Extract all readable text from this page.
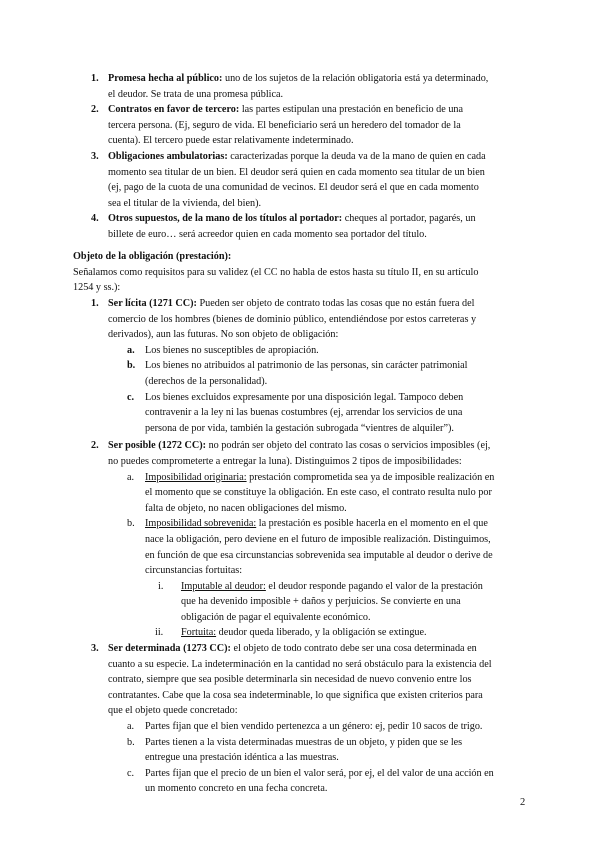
1. Promesa hecha al público: uno de los sujetos de la relación obligatoria está ya determinado,
el deudor. Se trata de una promesa pública.
2. Contratos en favor de tercero: las partes estipulan una prestación en beneficio de una
tercera persona. (Ej, seguro de vida. El beneficiario será un heredero del tomador de la
cuenta). El tercero puede estar relativamente indeterminado.
3. Obligaciones ambulatorias: caracterizadas porque la deuda va de la mano de quien en cada
momento sea titular de un bien. El deudor será quien en cada momento sea titular de un bien
(ej, pago de la cuota de una comunidad de vecinos. El deudor será el que en cada momento
sea el titular de la vivienda, del bien).
4. Otros supuestos, de la mano de los títulos al portador: cheques al portador, pagarés, un
billete de euro… será acreedor quien en cada momento sea portador del título.
Objeto de la obligación (prestación):
Señalamos como requisitos para su validez (el CC no habla de estos hasta su título II, en su artículo
1254 y ss.):
1. Ser lícita (1271 CC): Pueden ser objeto de contrato todas las cosas que no están fuera del
comercio de los hombres (bienes de dominio público, entendiéndose por estos carreteras y
derivados), aun las futuras. No son objeto de obligación:
a. Los bienes no susceptibles de apropiación.
b. Los bienes no atribuidos al patrimonio de las personas, sin carácter patrimonial
(derechos de la personalidad).
c. Los bienes excluidos expresamente por una disposición legal. Tampoco deben
contravenir a la ley ni las buenas costumbres (ej, arrendar los servicios de una
persona de por vida, también la gestación subrogada “vientres de alquiler”).
2. Ser posible (1272 CC): no podrán ser objeto del contrato las cosas o servicios imposibles (ej,
no puedes comprometerte a entregar la luna). Distinguimos 2 tipos de imposibilidades:
a. Imposibilidad originaria: prestación comprometida sea ya de imposible realización en
el momento que se constituye la obligación. En este caso, el contrato resulta nulo por
falta de objeto, no nacen obligaciones del mismo.
b. Imposibilidad sobrevenida: la prestación es posible hacerla en el momento en el que
nace la obligación, pero deviene en el futuro de imposible realización. Distinguimos,
en función de que esa circunstancias sobrevenida sea imputable al deudor o derive de
circunstancias fortuitas:
i. Imputable al deudor: el deudor responde pagando el valor de la prestación
que ha devenido imposible + daños y perjuicios. Se convierte en una
obligación de pagar el equivalente económico.
ii. Fortuita: deudor queda liberado, y la obligación se extingue.
3. Ser determinada (1273 CC): el objeto de todo contrato debe ser una cosa determinada en
cuanto a su especie. La indeterminación en la cantidad no será obstáculo para la existencia del
contrato, siempre que sea posible determinarla sin necesidad de nuevo convenio entre los
contratantes. Cabe que la cosa sea indeterminable, lo que significa que existen criterios para
que el objeto quede concretado:
a. Partes fijan que el bien vendido pertenezca a un género: ej, pedir 10 sacos de trigo.
b. Partes tienen a la vista determinadas muestras de un objeto, y piden que se les
entregue una prestación idéntica a las muestras.
c. Partes fijan que el precio de un bien el valor será, por ej, el del valor de una acción en
un momento concreto en una fecha concreta.
2
